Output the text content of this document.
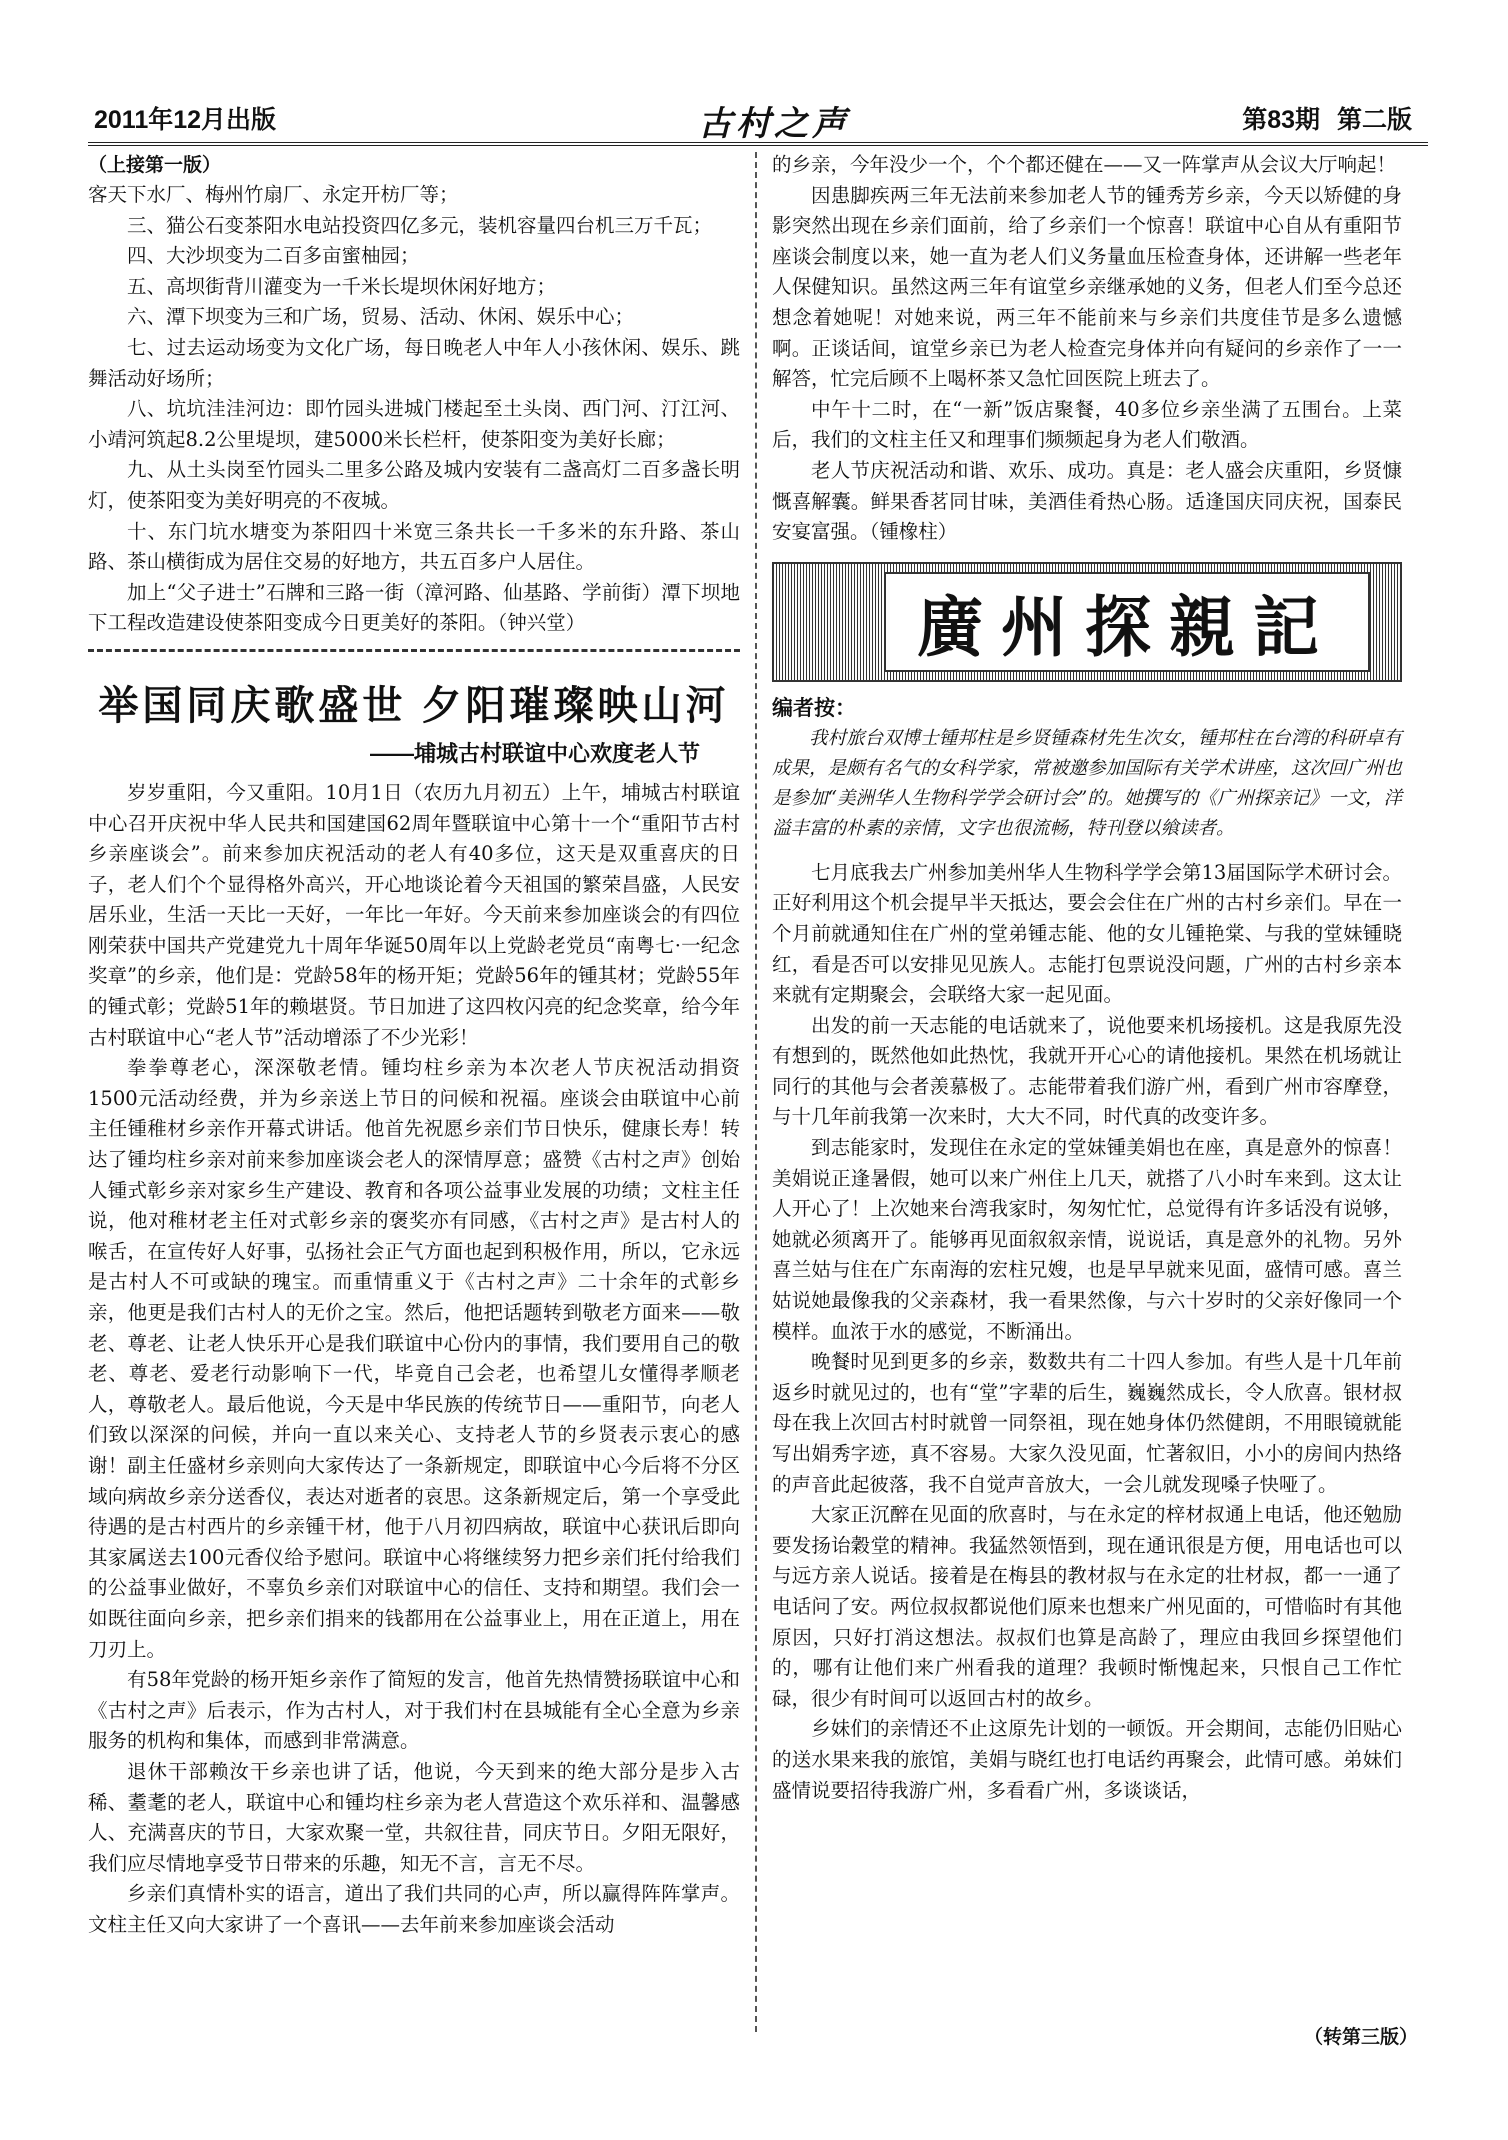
2011年12月出版	古村之声	第83期 第二版

（上接第一版）

客天下水厂、梅州竹扇厂、永定开枋厂等；

三、猫公石变茶阳水电站投资四亿多元，装机容量四台机三万千瓦；

四、大沙坝变为二百多亩蜜柚园；

五、高坝街背川灌变为一千米长堤坝休闲好地方；

六、潭下坝变为三和广场，贸易、活动、休闲、娱乐中心；

七、过去运动场变为文化广场，每日晚老人中年人小孩休闲、娱乐、跳舞活动好场所；

八、坑坑洼洼河边：即竹园头进城门楼起至土头岗、西门河、汀江河、小靖河筑起8.2公里堤坝，建5000米长栏杆，使茶阳变为美好长廊；

九、从土头岗至竹园头二里多公路及城内安装有二盏高灯二百多盏长明灯，使茶阳变为美好明亮的不夜城。

十、东门坑水塘变为茶阳四十米宽三条共长一千多米的东升路、茶山路、茶山横街成为居住交易的好地方，共五百多户人居住。

加上“父子进士”石牌和三路一街（漳河路、仙基路、学前街）潭下坝地下工程改造建设使茶阳变成今日更美好的茶阳。（钟兴堂）

举国同庆歌盛世 夕阳璀璨映山河
——埔城古村联谊中心欢度老人节

岁岁重阳，今又重阳。10月1日（农历九月初五）上午，埔城古村联谊中心召开庆祝中华人民共和国建国62周年暨联谊中心第十一个“重阳节古村乡亲座谈会”。前来参加庆祝活动的老人有40多位，这天是双重喜庆的日子，老人们个个显得格外高兴，开心地谈论着今天祖国的繁荣昌盛，人民安居乐业，生活一天比一天好，一年比一年好。今天前来参加座谈会的有四位刚荣获中国共产党建党九十周年华诞50周年以上党龄老党员“南粤七·一纪念奖章”的乡亲，他们是：党龄58年的杨开矩；党龄56年的锺其材；党龄55年的锺式彰；党龄51年的赖堪贤。节日加进了这四枚闪亮的纪念奖章，给今年古村联谊中心“老人节”活动增添了不少光彩！

拳拳尊老心，深深敬老情。锺均柱乡亲为本次老人节庆祝活动捐资1500元活动经费，并为乡亲送上节日的问候和祝福。座谈会由联谊中心前主任锺稚材乡亲作开幕式讲话。他首先祝愿乡亲们节日快乐，健康长寿！转达了锺均柱乡亲对前来参加座谈会老人的深情厚意；盛赞《古村之声》创始人锺式彰乡亲对家乡生产建设、教育和各项公益事业发展的功绩；文柱主任说，他对稚材老主任对式彰乡亲的褒奖亦有同感，《古村之声》是古村人的喉舌，在宣传好人好事，弘扬社会正气方面也起到积极作用，所以，它永远是古村人不可或缺的瑰宝。而重情重义于《古村之声》二十余年的式彰乡亲，他更是我们古村人的无价之宝。然后，他把话题转到敬老方面来——敬老、尊老、让老人快乐开心是我们联谊中心份内的事情，我们要用自己的敬老、尊老、爱老行动影响下一代，毕竟自己会老，也希望儿女懂得孝顺老人，尊敬老人。最后他说，今天是中华民族的传统节日——重阳节，向老人们致以深深的问候，并向一直以来关心、支持老人节的乡贤表示衷心的感谢！副主任盛材乡亲则向大家传达了一条新规定，即联谊中心今后将不分区域向病故乡亲分送香仪，表达对逝者的哀思。这条新规定后，第一个享受此待遇的是古村西片的乡亲锺干材，他于八月初四病故，联谊中心获讯后即向其家属送去100元香仪给予慰问。联谊中心将继续努力把乡亲们托付给我们的公益事业做好，不辜负乡亲们对联谊中心的信任、支持和期望。我们会一如既往面向乡亲，把乡亲们捐来的钱都用在公益事业上，用在正道上，用在刀刃上。

有58年党龄的杨开矩乡亲作了简短的发言，他首先热情赞扬联谊中心和《古村之声》后表示，作为古村人，对于我们村在县城能有全心全意为乡亲服务的机构和集体，而感到非常满意。

退休干部赖汝干乡亲也讲了话，他说，今天到来的绝大部分是步入古稀、耋耄的老人，联谊中心和锺均柱乡亲为老人营造这个欢乐祥和、温馨感人、充满喜庆的节日，大家欢聚一堂，共叙往昔，同庆节日。夕阳无限好，我们应尽情地享受节日带来的乐趣，知无不言，言无不尽。

乡亲们真情朴实的语言，道出了我们共同的心声，所以赢得阵阵掌声。文柱主任又向大家讲了一个喜讯——去年前来参加座谈会活动

的乡亲，今年没少一个，个个都还健在——又一阵掌声从会议大厅响起！

因患脚疾两三年无法前来参加老人节的锺秀芳乡亲，今天以矫健的身影突然出现在乡亲们面前，给了乡亲们一个惊喜！联谊中心自从有重阳节座谈会制度以来，她一直为老人们义务量血压检查身体，还讲解一些老年人保健知识。虽然这两三年有谊堂乡亲继承她的义务，但老人们至今总还想念着她呢！对她来说，两三年不能前来与乡亲们共度佳节是多么遗憾啊。正谈话间，谊堂乡亲已为老人检查完身体并向有疑问的乡亲作了一一解答，忙完后顾不上喝杯茶又急忙回医院上班去了。

中午十二时，在“一新”饭店聚餐，40多位乡亲坐满了五围台。上菜后，我们的文柱主任又和理事们频频起身为老人们敬酒。

老人节庆祝活动和谐、欢乐、成功。真是：老人盛会庆重阳，乡贤慷慨喜解囊。鲜果香茗同甘味，美酒佳肴热心肠。适逢国庆同庆祝，国泰民安宴富强。（锺橡柱）

廣州探親記
编者按：

我村旅台双博士锺邦柱是乡贤锺森材先生次女，锺邦柱在台湾的科研卓有成果，是颇有名气的女科学家，常被邀参加国际有关学术讲座，这次回广州也是参加“美洲华人生物科学学会研讨会”的。她撰写的《广州探亲记》一文，洋溢丰富的朴素的亲情，文字也很流畅，特刊登以飨读者。

七月底我去广州参加美州华人生物科学学会第13届国际学术研讨会。正好利用这个机会提早半天抵达，要会会住在广州的古村乡亲们。早在一个月前就通知住在广州的堂弟锺志能、他的女儿锺艳棠、与我的堂妹锺晓红，看是否可以安排见见族人。志能打包票说没问题，广州的古村乡亲本来就有定期聚会，会联络大家一起见面。

出发的前一天志能的电话就来了，说他要来机场接机。这是我原先没有想到的，既然他如此热忱，我就开开心心的请他接机。果然在机场就让同行的其他与会者羡慕极了。志能带着我们游广州，看到广州市容摩登，与十几年前我第一次来时，大大不同，时代真的改变许多。

到志能家时，发现住在永定的堂妹锺美娟也在座，真是意外的惊喜！美娟说正逢暑假，她可以来广州住上几天，就搭了八小时车来到。这太让人开心了！上次她来台湾我家时，匆匆忙忙，总觉得有许多话没有说够，她就必须离开了。能够再见面叙叙亲情，说说话，真是意外的礼物。另外喜兰姑与住在广东南海的宏柱兄嫂，也是早早就来见面，盛情可感。喜兰姑说她最像我的父亲森材，我一看果然像，与六十岁时的父亲好像同一个模样。血浓于水的感觉，不断涌出。

晚餐时见到更多的乡亲，数数共有二十四人参加。有些人是十几年前返乡时就见过的，也有“堂”字辈的后生，巍巍然成长，令人欣喜。银材叔母在我上次回古村时就曾一同祭祖，现在她身体仍然健朗，不用眼镜就能写出娟秀字迹，真不容易。大家久没见面，忙著叙旧，小小的房间内热络的声音此起彼落，我不自觉声音放大，一会儿就发现嗓子快哑了。

大家正沉醉在见面的欣喜时，与在永定的梓材叔通上电话，他还勉励要发扬诒穀堂的精神。我猛然领悟到，现在通讯很是方便，用电话也可以与远方亲人说话。接着是在梅县的教材叔与在永定的壮材叔，都一一通了电话问了安。两位叔叔都说他们原来也想来广州见面的，可惜临时有其他原因，只好打消这想法。叔叔们也算是高龄了，理应由我回乡探望他们的，哪有让他们来广州看我的道理？我顿时惭愧起来，只恨自己工作忙碌，很少有时间可以返回古村的故乡。

乡妹们的亲情还不止这原先计划的一顿饭。开会期间，志能仍旧贴心的送水果来我的旅馆，美娟与晓红也打电话约再聚会，此情可感。弟妹们盛情说要招待我游广州，多看看广州，多谈谈话，

（转第三版）
